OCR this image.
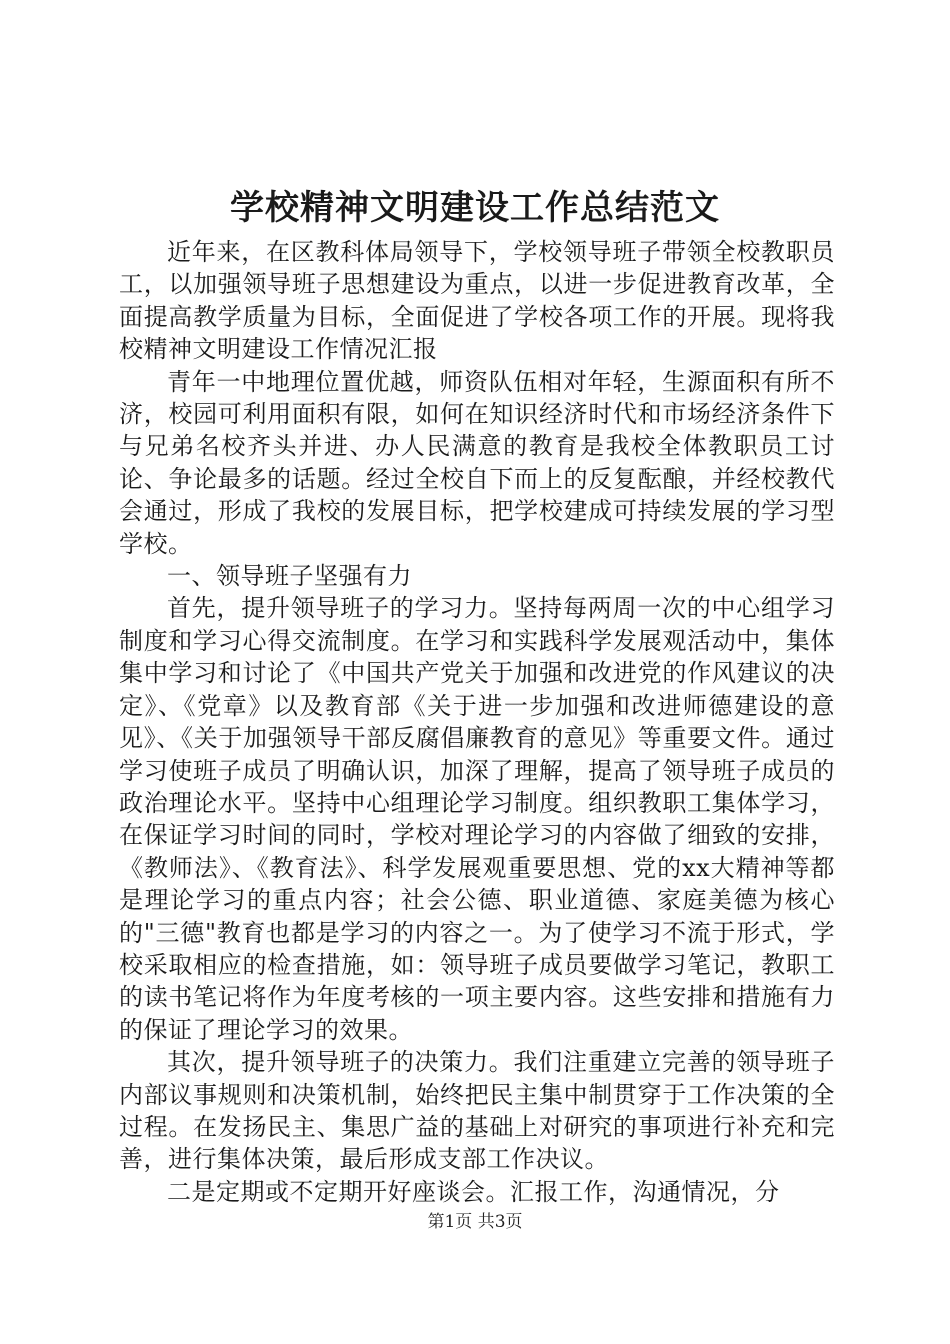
学校精神文明建设工作总结范文

近年来，在区教科体局领导下，学校领导班子带领全校教职员工，以加强领导班子思想建设为重点，以进一步促进教育改革，全面提高教学质量为目标，全面促进了学校各项工作的开展。现将我校精神文明建设工作情况汇报

青年一中地理位置优越，师资队伍相对年轻，生源面积有所不济，校园可利用面积有限，如何在知识经济时代和市场经济条件下与兄弟名校齐头并进、办人民满意的教育是我校全体教职员工讨论、争论最多的话题。经过全校自下而上的反复酝酿，并经校教代会通过，形成了我校的发展目标，把学校建成可持续发展的学习型学校。

一、领导班子坚强有力

首先，提升领导班子的学习力。坚持每两周一次的中心组学习制度和学习心得交流制度。在学习和实践科学发展观活动中，集体集中学习和讨论了《中国共产党关于加强和改进党的作风建议的决定》、《党章》以及教育部《关于进一步加强和改进师德建设的意见》、《关于加强领导干部反腐倡廉教育的意见》等重要文件。通过学习使班子成员了明确认识，加深了理解，提高了领导班子成员的政治理论水平。坚持中心组理论学习制度。组织教职工集体学习，在保证学习时间的同时，学校对理论学习的内容做了细致的安排，《教师法》、《教育法》、科学发展观重要思想、党的xx大精神等都是理论学习的重点内容；社会公德、职业道德、家庭美德为核心的"三德"教育也都是学习的内容之一。为了使学习不流于形式，学校采取相应的检查措施，如：领导班子成员要做学习笔记，教职工的读书笔记将作为年度考核的一项主要内容。这些安排和措施有力的保证了理论学习的效果。

其次，提升领导班子的决策力。我们注重建立完善的领导班子内部议事规则和决策机制，始终把民主集中制贯穿于工作决策的全过程。在发扬民主、集思广益的基础上对研究的事项进行补充和完善，进行集体决策，最后形成支部工作决议。

二是定期或不定期开好座谈会。汇报工作，沟通情况，分

第1页 共3页
